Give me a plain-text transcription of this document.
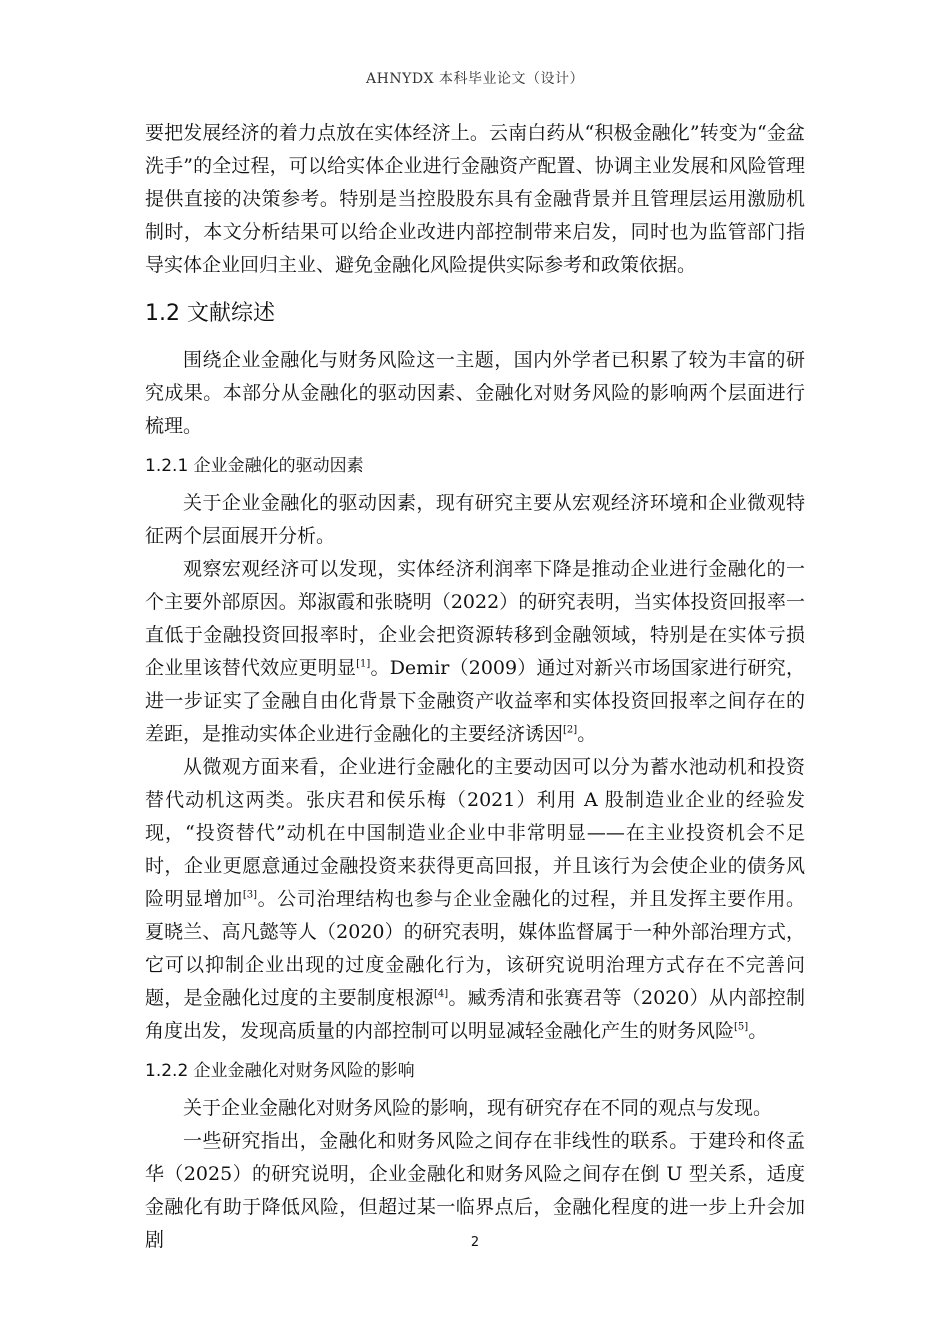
AHNYDX 本科毕业论文（设计）

要把发展经济的着力点放在实体经济上。云南白药从“积极金融化”转变为“金盆洗手”的全过程，可以给实体企业进行金融资产配置、协调主业发展和风险管理提供直接的决策参考。特别是当控股股东具有金融背景并且管理层运用激励机制时，本文分析结果可以给企业改进内部控制带来启发，同时也为监管部门指导实体企业回归主业、避免金融化风险提供实际参考和政策依据。

1.2 文献综述

围绕企业金融化与财务风险这一主题，国内外学者已积累了较为丰富的研究成果。本部分从金融化的驱动因素、金融化对财务风险的影响两个层面进行梳理。

1.2.1 企业金融化的驱动因素

关于企业金融化的驱动因素，现有研究主要从宏观经济环境和企业微观特征两个层面展开分析。

观察宏观经济可以发现，实体经济利润率下降是推动企业进行金融化的一个主要外部原因。郑淑霞和张晓明（2022）的研究表明，当实体投资回报率一直低于金融投资回报率时，企业会把资源转移到金融领域，特别是在实体亏损企业里该替代效应更明显[1]。Demir（2009）通过对新兴市场国家进行研究，进一步证实了金融自由化背景下金融资产收益率和实体投资回报率之间存在的差距，是推动实体企业进行金融化的主要经济诱因[2]。

从微观方面来看，企业进行金融化的主要动因可以分为蓄水池动机和投资替代动机这两类。张庆君和侯乐梅（2021）利用 A 股制造业企业的经验发现，“投资替代”动机在中国制造业企业中非常明显——在主业投资机会不足时，企业更愿意通过金融投资来获得更高回报，并且该行为会使企业的债务风险明显增加[3]。公司治理结构也参与企业金融化的过程，并且发挥主要作用。夏晓兰、高凡懿等人（2020）的研究表明，媒体监督属于一种外部治理方式，它可以抑制企业出现的过度金融化行为，该研究说明治理方式存在不完善问题，是金融化过度的主要制度根源[4]。臧秀清和张赛君等（2020）从内部控制角度出发，发现高质量的内部控制可以明显减轻金融化产生的财务风险[5]。

1.2.2 企业金融化对财务风险的影响

关于企业金融化对财务风险的影响，现有研究存在不同的观点与发现。

一些研究指出，金融化和财务风险之间存在非线性的联系。于建玲和佟孟华（2025）的研究说明，企业金融化和财务风险之间存在倒 U 型关系，适度金融化有助于降低风险，但超过某一临界点后，金融化程度的进一步上升会加剧	2
